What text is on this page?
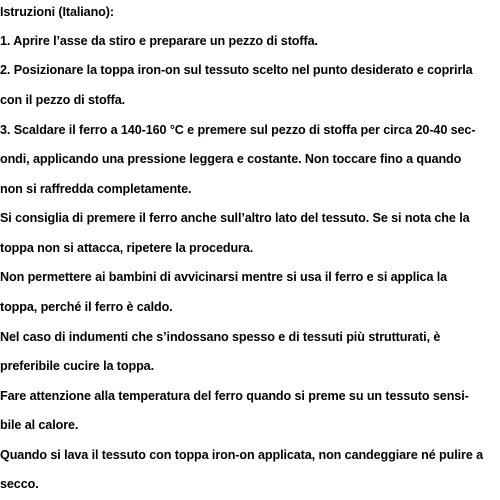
Istruzioni (Italiano):

1. Aprire l’asse da stiro e preparare un pezzo di stoffa.

2. Posizionare la toppa iron-on sul tessuto scelto nel punto desiderato e coprirla

con il pezzo di stoffa.

3. Scaldare il ferro a 140-160 °C e premere sul pezzo di stoffa per circa 20-40 sec-

ondi, applicando una pressione leggera e costante. Non toccare fino a quando

non si raffredda completamente.

Si consiglia di premere il ferro anche sull’altro lato del tessuto. Se si nota che la

toppa non si attacca, ripetere la procedura.

Non permettere ai bambini di avvicinarsi mentre si usa il ferro e si applica la

toppa, perché il ferro è caldo.

Nel caso di indumenti che s’indossano spesso e di tessuti più strutturati, è

preferibile cucire la toppa.

Fare attenzione alla temperatura del ferro quando si preme su un tessuto sensi-

bile al calore.

Quando si lava il tessuto con toppa iron-on applicata, non candeggiare né pulire a

secco.
